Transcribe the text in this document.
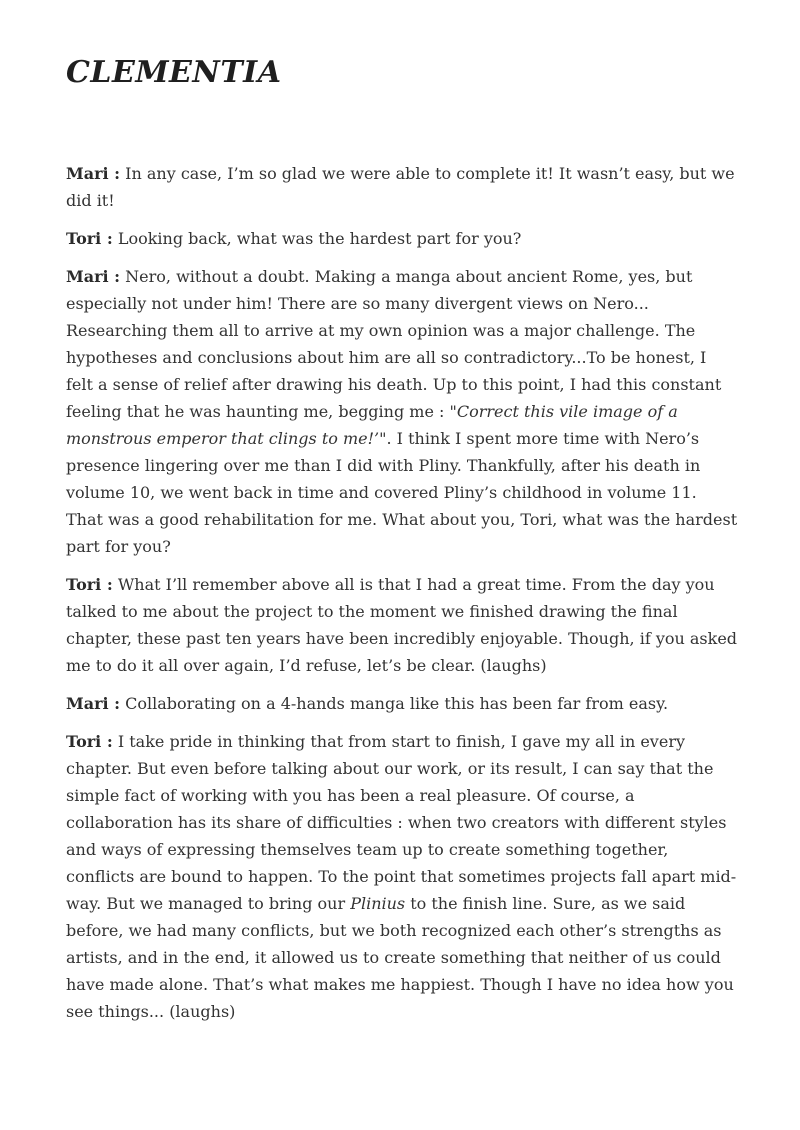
CLEMENTIA

Mari : In any case, I’m so glad we were able to complete it! It wasn’t easy, but we did it!

Tori : Looking back, what was the hardest part for you?

Mari : Nero, without a doubt. Making a manga about ancient Rome, yes, but especially not under him! There are so many divergent views on Nero... Researching them all to arrive at my own opinion was a major challenge. The hypotheses and conclusions about him are all so contradictory...To be honest, I felt a sense of relief after drawing his death. Up to this point, I had this constant feeling that he was haunting me, begging me : "Correct this vile image of a monstrous emperor that clings to me!’". I think I spent more time with Nero’s presence lingering over me than I did with Pliny. Thankfully, after his death in volume 10, we went back in time and covered Pliny’s childhood in volume 11. That was a good rehabilitation for me. What about you, Tori, what was the hardest part for you?

Tori : What I’ll remember above all is that I had a great time. From the day you talked to me about the project to the moment we finished drawing the final chapter, these past ten years have been incredibly enjoyable. Though, if you asked me to do it all over again, I’d refuse, let’s be clear. (laughs)

Mari : Collaborating on a 4-hands manga like this has been far from easy.

Tori : I take pride in thinking that from start to finish, I gave my all in every chapter. But even before talking about our work, or its result, I can say that the simple fact of working with you has been a real pleasure. Of course, a collaboration has its share of difficulties : when two creators with different styles and ways of expressing themselves team up to create something together, conflicts are bound to happen. To the point that sometimes projects fall apart mid-way. But we managed to bring our Plinius to the finish line. Sure, as we said before, we had many conflicts, but we both recognized each other’s strengths as artists, and in the end, it allowed us to create something that neither of us could have made alone. That’s what makes me happiest. Though I have no idea how you see things... (laughs)
